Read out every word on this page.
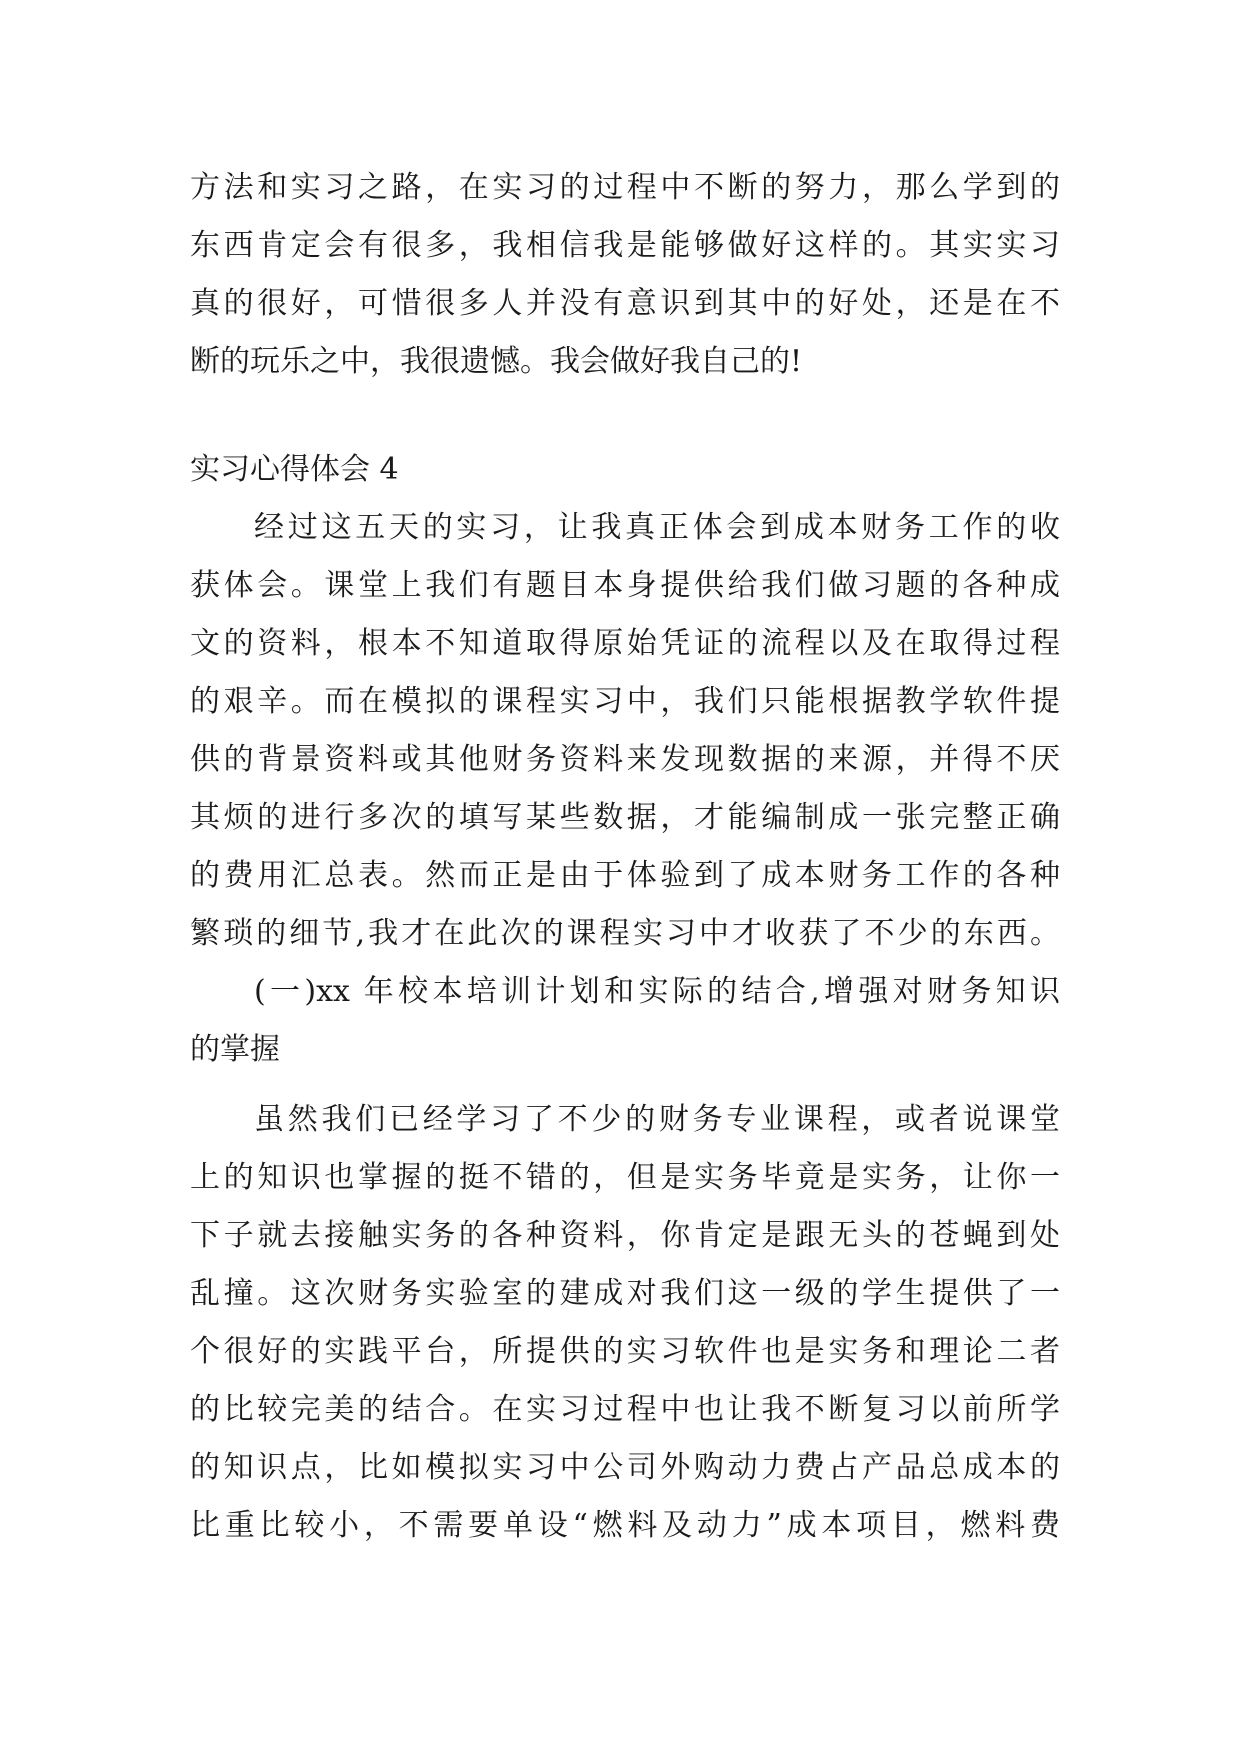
方法和实习之路，在实习的过程中不断的努力，那么学到的
东西肯定会有很多，我相信我是能够做好这样的。其实实习
真的很好，可惜很多人并没有意识到其中的好处，还是在不
断的玩乐之中，我很遗憾。我会做好我自己的!
实习心得体会 4
经过这五天的实习，让我真正体会到成本财务工作的收
获体会。课堂上我们有题目本身提供给我们做习题的各种成
文的资料，根本不知道取得原始凭证的流程以及在取得过程
的艰辛。而在模拟的课程实习中，我们只能根据教学软件提
供的背景资料或其他财务资料来发现数据的来源，并得不厌
其烦的进行多次的填写某些数据，才能编制成一张完整正确
的费用汇总表。然而正是由于体验到了成本财务工作的各种
繁琐的细节,我才在此次的课程实习中才收获了不少的东西。
(一)xx 年校本培训计划和实际的结合,增强对财务知识
的掌握
虽然我们已经学习了不少的财务专业课程，或者说课堂
上的知识也掌握的挺不错的，但是实务毕竟是实务，让你一
下子就去接触实务的各种资料，你肯定是跟无头的苍蝇到处
乱撞。这次财务实验室的建成对我们这一级的学生提供了一
个很好的实践平台，所提供的实习软件也是实务和理论二者
的比较完美的结合。在实习过程中也让我不断复习以前所学
的知识点，比如模拟实习中公司外购动力费占产品总成本的
比重比较小，不需要单设“燃料及动力”成本项目，燃料费
